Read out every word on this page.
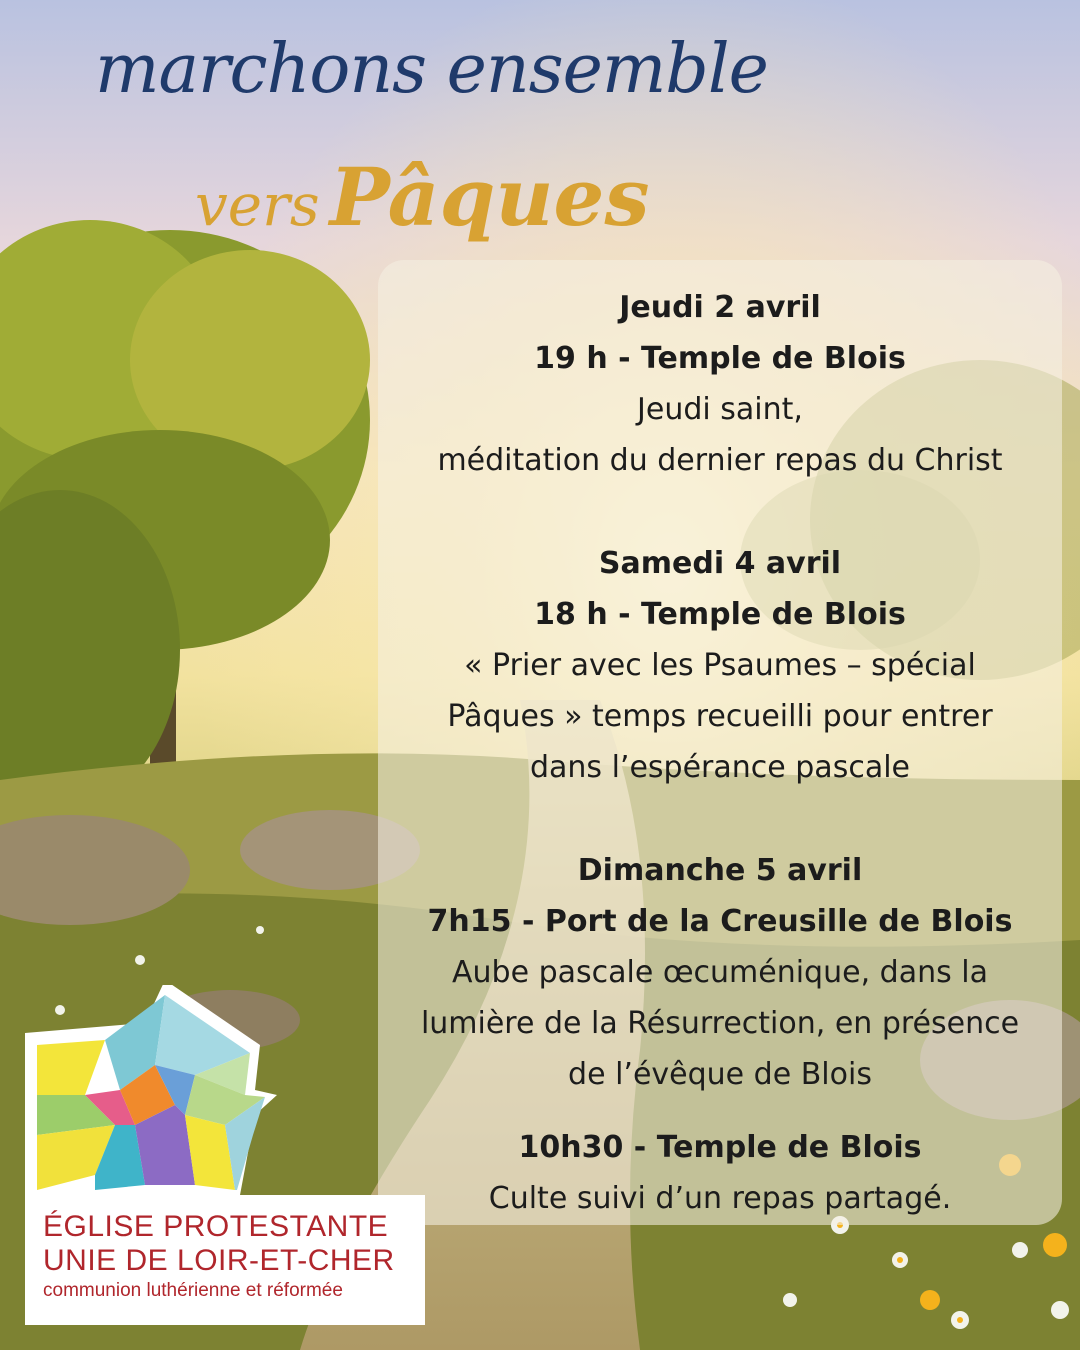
marchons ensemble
vers Pâques
Jeudi 2 avril
19 h - Temple de Blois
Jeudi saint,
méditation du dernier repas du Christ
Samedi 4 avril
18 h - Temple de Blois
« Prier avec les Psaumes – spécial
Pâques » temps recueilli pour entrer
dans l’espérance pascale
Dimanche 5 avril
7h15 - Port de la Creusille de Blois
Aube pascale œcuménique, dans la
lumière de la Résurrection, en présence
de l’évêque de Blois
10h30 - Temple de Blois
Culte suivi d’un repas partagé.
ÉGLISE PROTESTANTE
UNIE DE LOIR-ET-CHER
communion luthérienne et réformée
